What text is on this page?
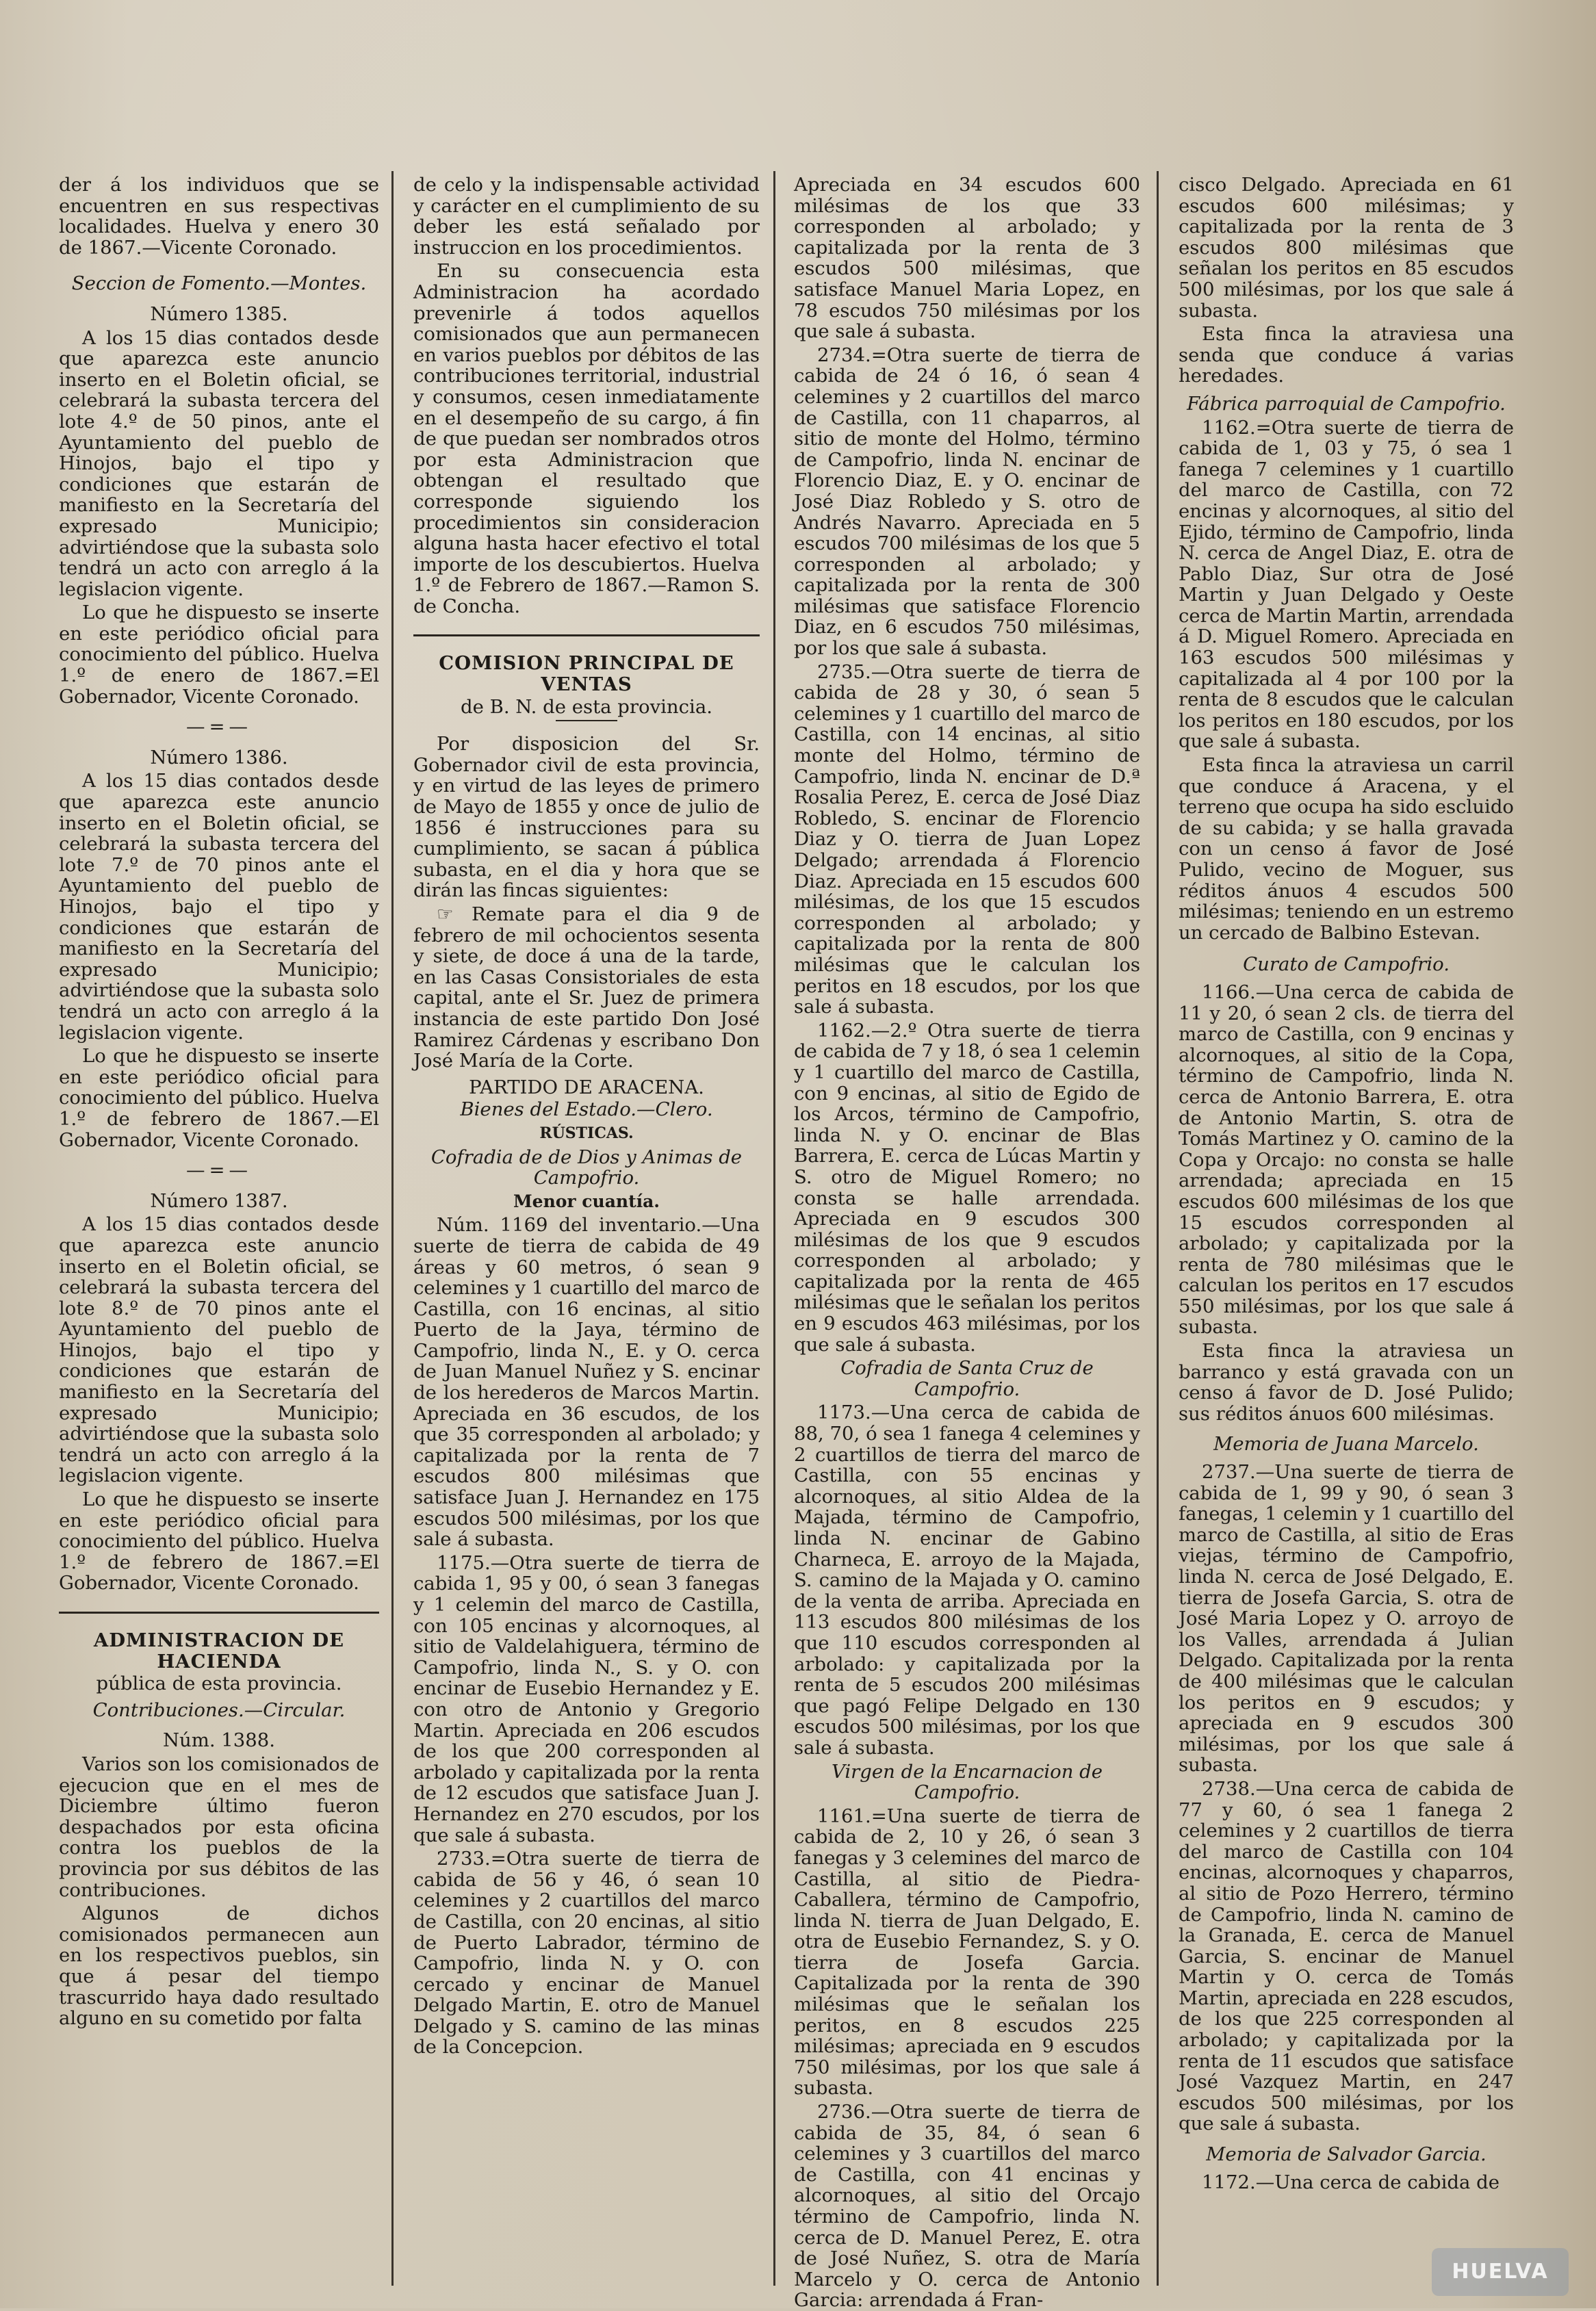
der á los individuos que se encuentren en sus respectivas localidades. Huelva y enero 30 de 1867.—Vicente Coronado.

Seccion de Fomento.—Montes.
Número 1385.

A los 15 dias contados desde que aparezca este anuncio inserto en el Boletin oficial, se celebrará la subasta tercera del lote 4.º de 50 pinos, ante el Ayuntamiento del pueblo de Hinojos, bajo el tipo y condiciones que estarán de manifiesto en la Secretaría del expresado Municipio; advirtiéndose que la subasta solo tendrá un acto con arreglo á la legislacion vigente.

Lo que he dispuesto se inserte en este periódico oficial para conocimiento del público. Huelva 1.º de enero de 1867.=El Gobernador, Vicente Coronado.

—=—
Número 1386.

A los 15 dias contados desde que aparezca este anuncio inserto en el Boletin oficial, se celebrará la subasta tercera del lote 7.º de 70 pinos ante el Ayuntamiento del pueblo de Hinojos, bajo el tipo y condiciones que estarán de manifiesto en la Secretaría del expresado Municipio; advirtiéndose que la subasta solo tendrá un acto con arreglo á la legislacion vigente.

Lo que he dispuesto se inserte en este periódico oficial para conocimiento del público. Huelva 1.º de febrero de 1867.—El Gobernador, Vicente Coronado.

—=—
Número 1387.

A los 15 dias contados desde que aparezca este anuncio inserto en el Boletin oficial, se celebrará la subasta tercera del lote 8.º de 70 pinos ante el Ayuntamiento del pueblo de Hinojos, bajo el tipo y condiciones que estarán de manifiesto en la Secretaría del expresado Municipio; advirtiéndose que la subasta solo tendrá un acto con arreglo á la legislacion vigente.

Lo que he dispuesto se inserte en este periódico oficial para conocimiento del público. Huelva 1.º de febrero de 1867.=El Gobernador, Vicente Coronado.

ADMINISTRACION DE HACIENDA
pública de esta provincia.
Contribuciones.—Circular.
Núm. 1388.

Varios son los comisionados de ejecucion que en el mes de Diciembre último fueron despachados por esta oficina contra los pueblos de la provincia por sus débitos de las contribuciones.

Algunos de dichos comisionados permanecen aun en los respectivos pueblos, sin que á pesar del tiempo trascurrido haya dado resultado alguno en su cometido por falta

de celo y la indispensable actividad y carácter en el cumplimiento de su deber les está señalado por instruccion en los procedimientos.

En su consecuencia esta Administracion ha acordado prevenirle á todos aquellos comisionados que aun permanecen en varios pueblos por débitos de las contribuciones territorial, industrial y consumos, cesen inmediatamente en el desempeño de su cargo, á fin de que puedan ser nombrados otros por esta Administracion que obtengan el resultado que corresponde siguiendo los procedimientos sin consideracion alguna hasta hacer efectivo el total importe de los descubiertos. Huelva 1.º de Febrero de 1867.—Ramon S. de Concha.

COMISION PRINCIPAL DE VENTAS
de B. N. de esta provincia.

Por disposicion del Sr. Gobernador civil de esta provincia, y en virtud de las leyes de primero de Mayo de 1855 y once de julio de 1856 é instrucciones para su cumplimiento, se sacan á pública subasta, en el dia y hora que se dirán las fincas siguientes:

☞ Remate para el dia 9 de febrero de mil ochocientos sesenta y siete, de doce á una de la tarde, en las Casas Consistoriales de esta capital, ante el Sr. Juez de primera instancia de este partido Don José Ramirez Cárdenas y escribano Don José María de la Corte.

PARTIDO DE ARACENA.
Bienes del Estado.—Clero.
RÚSTICAS.
Cofradia de de Dios y Animas de Campofrio.
Menor cuantía.

Núm. 1169 del inventario.—Una suerte de tierra de cabida de 49 áreas y 60 metros, ó sean 9 celemines y 1 cuartillo del marco de Castilla, con 16 encinas, al sitio Puerto de la Jaya, término de Campofrio, linda N., E. y O. cerca de Juan Manuel Nuñez y S. encinar de los herederos de Marcos Martin. Apreciada en 36 escudos, de los que 35 corresponden al arbolado; y capitalizada por la renta de 7 escudos 800 milésimas que satisface Juan J. Hernandez en 175 escudos 500 milésimas, por los que sale á subasta.

1175.—Otra suerte de tierra de cabida 1, 95 y 00, ó sean 3 fanegas y 1 celemin del marco de Castilla, con 105 encinas y alcornoques, al sitio de Valdelahiguera, término de Campofrio, linda N., S. y O. con encinar de Eusebio Hernandez y E. con otro de Antonio y Gregorio Martin. Apreciada en 206 escudos de los que 200 corresponden al arbolado y capitalizada por la renta de 12 escudos que satisface Juan J. Hernandez en 270 escudos, por los que sale á subasta.

2733.=Otra suerte de tierra de cabida de 56 y 46, ó sean 10 celemines y 2 cuartillos del marco de Castilla, con 20 encinas, al sitio de Puerto Labrador, término de Campofrio, linda N. y O. con cercado y encinar de Manuel Delgado Martin, E. otro de Manuel Delgado y S. camino de las minas de la Concepcion.

Apreciada en 34 escudos 600 milésimas de los que 33 corresponden al arbolado; y capitalizada por la renta de 3 escudos 500 milésimas, que satisface Manuel Maria Lopez, en 78 escudos 750 milésimas por los que sale á subasta.

2734.=Otra suerte de tierra de cabida de 24 ó 16, ó sean 4 celemines y 2 cuartillos del marco de Castilla, con 11 chaparros, al sitio de monte del Holmo, término de Campofrio, linda N. encinar de Florencio Diaz, E. y O. encinar de José Diaz Robledo y S. otro de Andrés Navarro. Apreciada en 5 escudos 700 milésimas de los que 5 corresponden al arbolado; y capitalizada por la renta de 300 milésimas que satisface Florencio Diaz, en 6 escudos 750 milésimas, por los que sale á subasta.

2735.—Otra suerte de tierra de cabida de 28 y 30, ó sean 5 celemines y 1 cuartillo del marco de Castilla, con 14 encinas, al sitio monte del Holmo, término de Campofrio, linda N. encinar de D.ª Rosalia Perez, E. cerca de José Diaz Robledo, S. encinar de Florencio Diaz y O. tierra de Juan Lopez Delgado; arrendada á Florencio Diaz. Apreciada en 15 escudos 600 milésimas, de los que 15 escudos corresponden al arbolado; y capitalizada por la renta de 800 milésimas que le calculan los peritos en 18 escudos, por los que sale á subasta.

1162.—2.º Otra suerte de tierra de cabida de 7 y 18, ó sea 1 celemin y 1 cuartillo del marco de Castilla, con 9 encinas, al sitio de Egido de los Arcos, término de Campofrio, linda N. y O. encinar de Blas Barrera, E. cerca de Lúcas Martin y S. otro de Miguel Romero; no consta se halle arrendada. Apreciada en 9 escudos 300 milésimas de los que 9 escudos corresponden al arbolado; y capitalizada por la renta de 465 milésimas que le señalan los peritos en 9 escudos 463 milésimas, por los que sale á subasta.

Cofradia de Santa Cruz de Campofrio.

1173.—Una cerca de cabida de 88, 70, ó sea 1 fanega 4 celemines y 2 cuartillos de tierra del marco de Castilla, con 55 encinas y alcornoques, al sitio Aldea de la Majada, término de Campofrio, linda N. encinar de Gabino Charneca, E. arroyo de la Majada, S. camino de la Majada y O. camino de la venta de arriba. Apreciada en 113 escudos 800 milésimas de los que 110 escudos corresponden al arbolado: y capitalizada por la renta de 5 escudos 200 milésimas que pagó Felipe Delgado en 130 escudos 500 milésimas, por los que sale á subasta.

Virgen de la Encarnacion de Campofrio.

1161.=Una suerte de tierra de cabida de 2, 10 y 26, ó sean 3 fanegas y 3 celemines del marco de Castilla, al sitio de Piedra-Caballera, término de Campofrio, linda N. tierra de Juan Delgado, E. otra de Eusebio Fernandez, S. y O. tierra de Josefa Garcia. Capitalizada por la renta de 390 milésimas que le señalan los peritos, en 8 escudos 225 milésimas; apreciada en 9 escudos 750 milésimas, por los que sale á subasta.

2736.—Otra suerte de tierra de cabida de 35, 84, ó sean 6 celemines y 3 cuartillos del marco de Castilla, con 41 encinas y alcornoques, al sitio del Orcajo término de Campofrio, linda N. cerca de D. Manuel Perez, E. otra de José Nuñez, S. otra de María Marcelo y O. cerca de Antonio Garcia: arrendada á Fran-

cisco Delgado. Apreciada en 61 escudos 600 milésimas; y capitalizada por la renta de 3 escudos 800 milésimas que señalan los peritos en 85 escudos 500 milésimas, por los que sale á subasta.

Esta finca la atraviesa una senda que conduce á varias heredades.

Fábrica parroquial de Campofrio.

1162.=Otra suerte de tierra de cabida de 1, 03 y 75, ó sea 1 fanega 7 celemines y 1 cuartillo del marco de Castilla, con 72 encinas y alcornoques, al sitio del Ejido, término de Campofrio, linda N. cerca de Angel Diaz, E. otra de Pablo Diaz, Sur otra de José Martin y Juan Delgado y Oeste cerca de Martin Martin, arrendada á D. Miguel Romero. Apreciada en 163 escudos 500 milésimas y capitalizada al 4 por 100 por la renta de 8 escudos que le calculan los peritos en 180 escudos, por los que sale á subasta.

Esta finca la atraviesa un carril que conduce á Aracena, y el terreno que ocupa ha sido escluido de su cabida; y se halla gravada con un censo á favor de José Pulido, vecino de Moguer, sus réditos ánuos 4 escudos 500 milésimas; teniendo en un estremo un cercado de Balbino Estevan.

Curato de Campofrio.

1166.—Una cerca de cabida de 11 y 20, ó sean 2 cls. de tierra del marco de Castilla, con 9 encinas y alcornoques, al sitio de la Copa, término de Campofrio, linda N. cerca de Antonio Barrera, E. otra de Antonio Martin, S. otra de Tomás Martinez y O. camino de la Copa y Orcajo: no consta se halle arrendada; apreciada en 15 escudos 600 milésimas de los que 15 escudos corresponden al arbolado; y capitalizada por la renta de 780 milésimas que le calculan los peritos en 17 escudos 550 milésimas, por los que sale á subasta.

Esta finca la atraviesa un barranco y está gravada con un censo á favor de D. José Pulido; sus réditos ánuos 600 milésimas.

Memoria de Juana Marcelo.

2737.—Una suerte de tierra de cabida de 1, 99 y 90, ó sean 3 fanegas, 1 celemin y 1 cuartillo del marco de Castilla, al sitio de Eras viejas, término de Campofrio, linda N. cerca de José Delgado, E. tierra de Josefa Garcia, S. otra de José Maria Lopez y O. arroyo de los Valles, arrendada á Julian Delgado. Capitalizada por la renta de 400 milésimas que le calculan los peritos en 9 escudos; y apreciada en 9 escudos 300 milésimas, por los que sale á subasta.

2738.—Una cerca de cabida de 77 y 60, ó sea 1 fanega 2 celemines y 2 cuartillos de tierra del marco de Castilla con 104 encinas, alcornoques y chaparros, al sitio de Pozo Herrero, término de Campofrio, linda N. camino de la Granada, E. cerca de Manuel Garcia, S. encinar de Manuel Martin y O. cerca de Tomás Martin, apreciada en 228 escudos, de los que 225 corresponden al arbolado; y capitalizada por la renta de 11 escudos que satisface José Vazquez Martin, en 247 escudos 500 milésimas, por los que sale á subasta.

Memoria de Salvador Garcia.

1172.—Una cerca de cabida de

HUELVA
